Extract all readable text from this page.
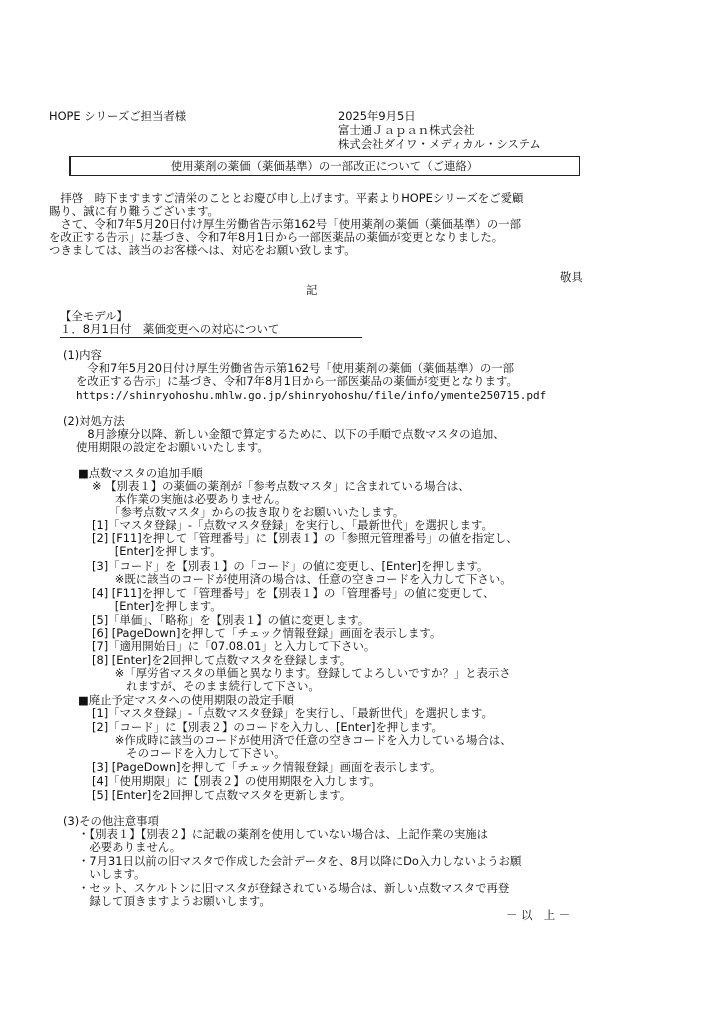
HOPE シリーズご担当者様	2025年9月5日
富士通Ｊａｐａｎ株式会社
株式会社ダイワ・メディカル・システム
使用薬剤の薬価（薬価基準）の一部改正について（ご連絡）
　拝啓　時下ますますご清栄のこととお慶び申し上げます。平素よりHOPEシリーズをご愛顧
賜り、誠に有り難うございます。
　さて、令和7年5月20日付け厚生労働省告示第162号「使用薬剤の薬価（薬価基準）の一部
を改正する告示」に基づき、令和7年8月1日から一部医薬品の薬価が変更となりました。
つきましては、該当のお客様へは、対応をお願い致します。
敬具
記
【全モデル】
１．8月1日付　薬価変更への対応について
(1)内容
　令和7年5月20日付け厚生労働省告示第162号「使用薬剤の薬価（薬価基準）の一部
を改正する告示」に基づき、令和7年8月1日から一部医薬品の薬価が変更となります。
https://shinryohoshu.mhlw.go.jp/shinryohoshu/file/info/ymente250715.pdf
(2)対処方法
　8月診療分以降、新しい金額で算定するために、以下の手順で点数マスタの追加、
使用期限の設定をお願いいたします。
■点数マスタの追加手順
※ 【別表１】の薬価の薬剤が「参考点数マスタ」に含まれている場合は、
　　本作業の実施は必要ありません。
　　「参考点数マスタ」からの抜き取りをお願いいたします。
[1]「マスタ登録」-「点数マスタ登録」を実行し、「最新世代」を選択します。
[2] [F11]を押して「管理番号」に【別表１】の「参照元管理番号」の値を指定し、
　　[Enter]を押します。
[3]「コード」を【別表１】の「コード」の値に変更し、[Enter]を押します。
　　※既に該当のコードが使用済の場合は、任意の空きコードを入力して下さい。
[4] [F11]を押して「管理番号」を【別表１】の「管理番号」の値に変更して、
　　[Enter]を押します。
[5]「単価」、「略称」を【別表１】の値に変更します。
[6] [PageDown]を押して「チェック情報登録」画面を表示します。
[7]「適用開始日」に「07.08.01」と入力して下さい。
[8] [Enter]を2回押して点数マスタを登録します。
　　※「厚労省マスタの単価と異なります。登録してよろしいですか？」と表示さ
　　　れますが、そのまま続行して下さい。
■廃止予定マスタへの使用期限の設定手順
[1]「マスタ登録」-「点数マスタ登録」を実行し、「最新世代」を選択します。
[2]「コード」に【別表２】のコードを入力し、[Enter]を押します。
　　※作成時に該当のコードが使用済で任意の空きコードを入力している場合は、
　　　そのコードを入力して下さい。
[3] [PageDown]を押して「チェック情報登録」画面を表示します。
[4]「使用期限」に【別表２】の使用期限を入力します。
[5] [Enter]を2回押して点数マスタを更新します。
(3)その他注意事項
・【別表１】【別表２】に記載の薬剤を使用していない場合は、上記作業の実施は
　必要ありません。
・7月31日以前の旧マスタで作成した会計データを、8月以降にDo入力しないようお願
　いします。
・セット、スケルトンに旧マスタが登録されている場合は、新しい点数マスタで再登
　録して頂きますようお願いします。
－ 以　上 －
